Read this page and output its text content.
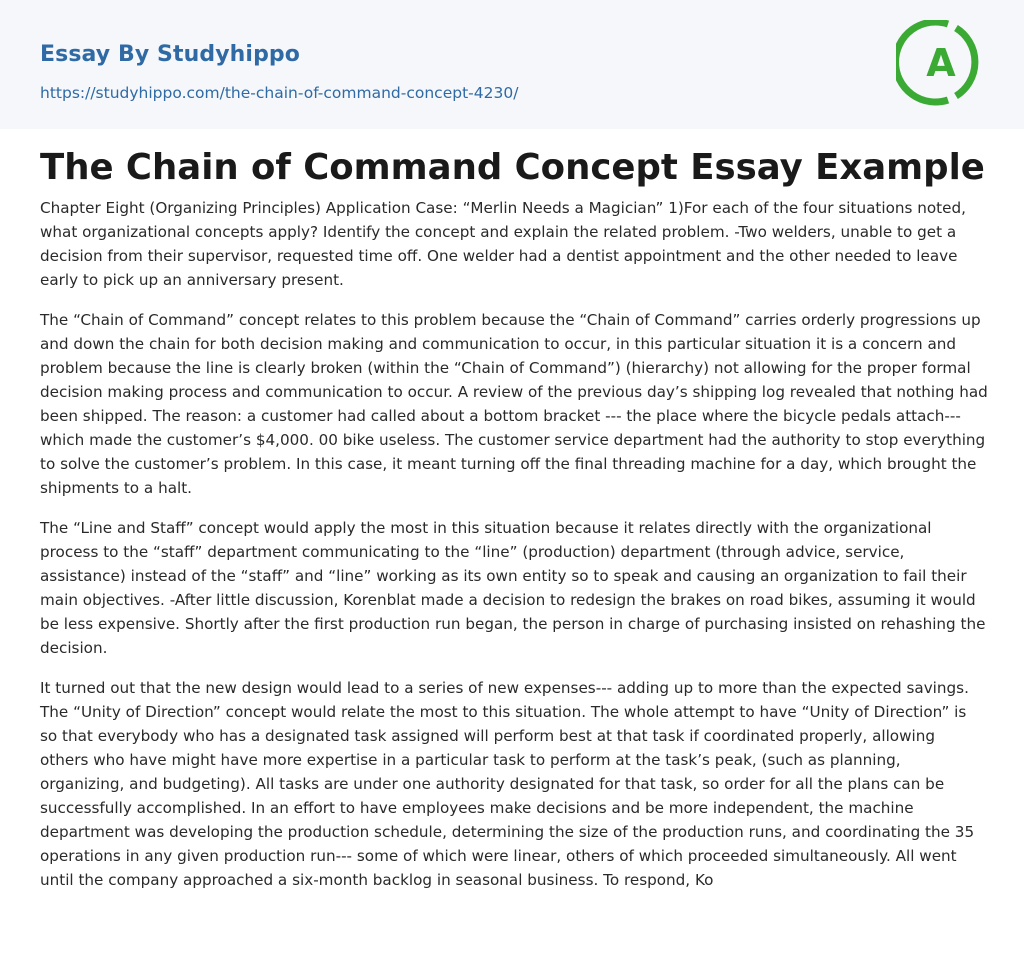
Essay By Studyhippo
https://studyhippo.com/the-chain-of-command-concept-4230/
A
The Chain of Command Concept Essay Example

Chapter Eight (Organizing Principles) Application Case: “Merlin Needs a Magician” 1)For each of the four situations noted, what organizational concepts apply? Identify the concept and explain the related problem. -Two welders, unable to get a decision from their supervisor, requested time off. One welder had a dentist appointment and the other needed to leave early to pick up an anniversary present.

The “Chain of Command” concept relates to this problem because the “Chain of Command” carries orderly progressions up and down the chain for both decision making and communication to occur, in this particular situation it is a concern and problem because the line is clearly broken (within the “Chain of Command”) (hierarchy) not allowing for the proper formal decision making process and communication to occur. A review of the previous day’s shipping log revealed that nothing had been shipped. The reason: a customer had called about a bottom bracket --- the place where the bicycle pedals attach--- which made the customer’s $4,000. 00 bike useless. The customer service department had the authority to stop everything to solve the customer’s problem. In this case, it meant turning off the final threading machine for a day, which brought the shipments to a halt.

The “Line and Staff” concept would apply the most in this situation because it relates directly with the organizational process to the “staff” department communicating to the “line” (production) department (through advice, service, assistance) instead of the “staff” and “line” working as its own entity so to speak and causing an organization to fail their main objectives. -After little discussion, Korenblat made a decision to redesign the brakes on road bikes, assuming it would be less expensive. Shortly after the first production run began, the person in charge of purchasing insisted on rehashing the decision.

It turned out that the new design would lead to a series of new expenses--- adding up to more than the expected savings. The “Unity of Direction” concept would relate the most to this situation. The whole attempt to have “Unity of Direction” is so that everybody who has a designated task assigned will perform best at that task if coordinated properly, allowing others who have might have more expertise in a particular task to perform at the task’s peak, (such as planning, organizing, and budgeting). All tasks are under one authority designated for that task, so order for all the plans can be successfully accomplished. In an effort to have employees make decisions and be more independent, the machine department was developing the production schedule, determining the size of the production runs, and coordinating the 35 operations in any given production run--- some of which were linear, others of which proceeded simultaneously. All went until the company approached a six-month backlog in seasonal business. To respond, Ko
